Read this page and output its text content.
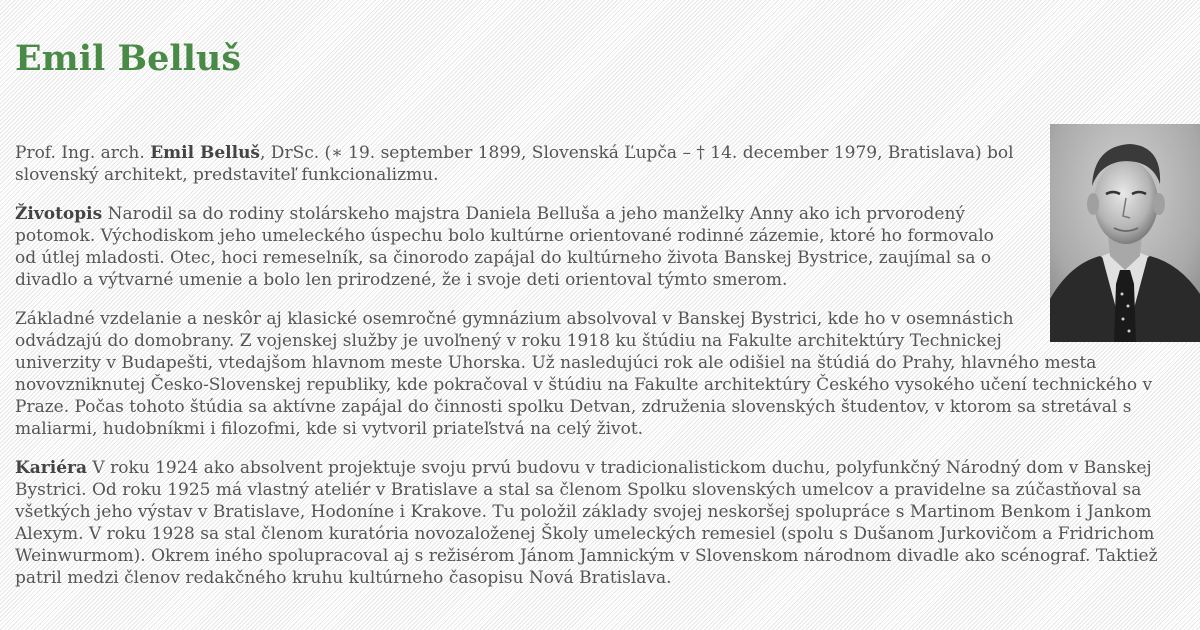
Emil Belluš

Prof. Ing. arch. Emil Belluš, DrSc. (∗ 19. september 1899, Slovenská Ľupča – † 14. december 1979, Bratislava) bol slovenský architekt, predstaviteľ funkcionalizmu.

Životopis Narodil sa do rodiny stolárskeho majstra Daniela Belluša a jeho manželky Anny ako ich prvorodený potomok. Východiskom jeho umeleckého úspechu bolo kultúrne orientované rodinné zázemie, ktoré ho formovalo od útlej mladosti. Otec, hoci remeselník, sa činorodo zapájal do kultúrneho života Banskej Bystrice, zaujímal sa o divadlo a výtvarné umenie a bolo len prirodzené, že i svoje deti orientoval týmto smerom.

Základné vzdelanie a neskôr aj klasické osemročné gymnázium absolvoval v Banskej Bystrici, kde ho v osemnástich odvádzajú do domobrany. Z vojenskej služby je uvoľnený v roku 1918 ku štúdiu na Fakulte architektúry Technickej univerzity v Budapešti, vtedajšom hlavnom meste Uhorska. Už nasledujúci rok ale odišiel na štúdiá do Prahy, hlavného mesta novovzniknutej Česko-Slovenskej republiky, kde pokračoval v štúdiu na Fakulte architektúry Českého vysokého učení technického v Praze. Počas tohoto štúdia sa aktívne zapájal do činnosti spolku Detvan, združenia slovenských študentov, v ktorom sa stretával s maliarmi, hudobníkmi i filozofmi, kde si vytvoril priateľstvá na celý život.

Kariéra V roku 1924 ako absolvent projektuje svoju prvú budovu v tradicionalistickom duchu, polyfunkčný Národný dom v Banskej Bystrici. Od roku 1925 má vlastný ateliér v Bratislave a stal sa členom Spolku slovenských umelcov a pravidelne sa zúčastňoval sa všetkých jeho výstav v Bratislave, Hodoníne i Krakove. Tu položil základy svojej neskoršej spolupráce s Martinom Benkom i Jankom Alexym. V roku 1928 sa stal členom kuratória novozaloženej Školy umeleckých remesiel (spolu s Dušanom Jurkovičom a Fridrichom Weinwurmom). Okrem iného spolupracoval aj s režisérom Jánom Jamnickým v Slovenskom národnom divadle ako scénograf. Taktiež patril medzi členov redakčného kruhu kultúrneho časopisu Nová Bratislava.
